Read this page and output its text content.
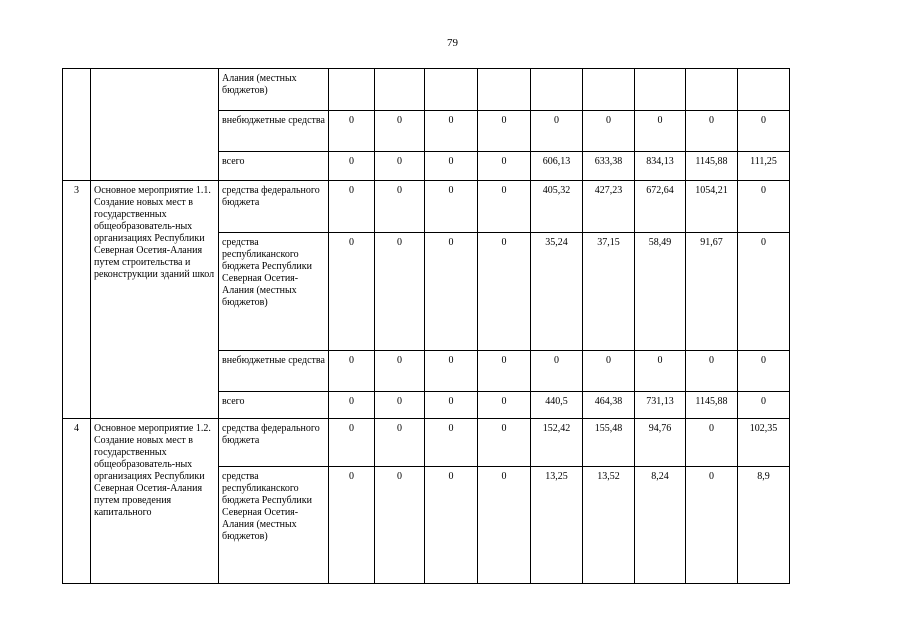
79
		Алания (местных бюджетов)									
		внебюджетные средства	0	0	0	0	0	0	0	0	0
		всего	0	0	0	0	606,13	633,38	834,13	1145,88	111,25
3	Основное мероприятие 1.1. Создание новых мест в государственных общеобразователь-ных организациях Республики Северная Осетия-Алания путем строительства и реконструкции зданий школ	средства федерального бюджета	0	0	0	0	405,32	427,23	672,64	1054,21	0
		средства республиканского бюджета Республики Северная Осетия-Алания (местных бюджетов)	0	0	0	0	35,24	37,15	58,49	91,67	0
		внебюджетные средства	0	0	0	0	0	0	0	0	0
		всего	0	0	0	0	440,5	464,38	731,13	1145,88	0
4	Основное мероприятие 1.2. Создание новых мест в государственных общеобразователь-ных организациях Республики Северная Осетия-Алания путем проведения капитального	средства федерального бюджета	0	0	0	0	152,42	155,48	94,76	0	102,35
		средства республиканского бюджета Республики Северная Осетия-Алания (местных бюджетов)	0	0	0	0	13,25	13,52	8,24	0	8,9
